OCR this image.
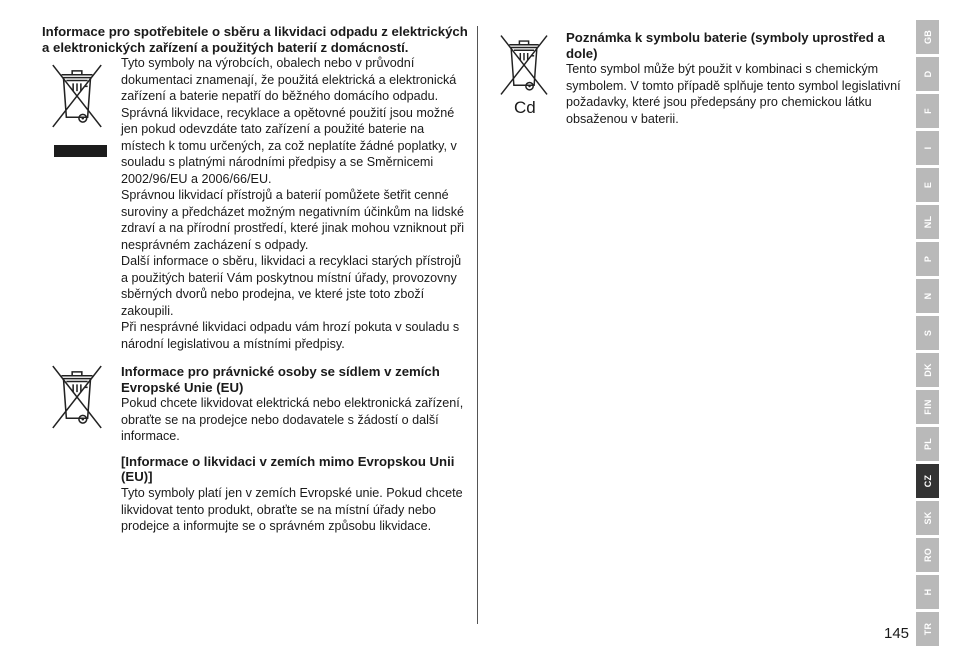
Informace pro spotřebitele o sběru a likvidaci odpadu z elektrických a elektronických zařízení a použitých baterií z domácností.

Tyto symboly na výrobcích, obalech nebo v průvodní dokumentaci znamenají, že použitá elektrická a elektronická zařízení a baterie nepatří do běžného domácího odpadu.

Správná likvidace, recyklace a opětovné použití jsou možné jen pokud odevzdáte tato zařízení a použité baterie na místech k tomu určených, za což neplatíte žádné poplatky, v souladu s platnými národními předpisy a se Směrnicemi 2002/96/EU a 2006/66/EU.

Správnou likvidací přístrojů a baterií pomůžete šetřit cenné suroviny a předcházet možným negativním účinkům na lidské zdraví a na přírodní prostředí, které jinak mohou vzniknout při nesprávném zacházení s odpady.

Další informace o sběru, likvidaci a recyklaci starých přístrojů a použitých baterií Vám poskytnou místní úřady, provozovny sběrných dvorů nebo prodejna, ve které jste toto zboží zakoupili.

Při nesprávné likvidaci odpadu vám hrozí pokuta v souladu s národní legislativou a místními předpisy.

Informace pro právnické osoby se sídlem v zemích Evropské Unie (EU)

Pokud chcete likvidovat elektrická nebo elektronická zařízení, obraťte se na prodejce nebo dodavatele s žádostí o další informace.

[Informace o likvidaci v zemích mimo Evropskou Unii (EU)]

Tyto symboly platí jen v zemích Evropské unie. Pokud chcete likvidovat tento produkt, obraťte se na místní úřady nebo prodejce a informujte se o správném způsobu likvidace.

Cd

Poznámka k symbolu baterie (symboly uprostřed a dole)

Tento symbol může být použit v kombinaci s chemickým symbolem. V tomto případě splňuje tento symbol legislativní požadavky, které jsou předepsány pro chemickou látku obsaženou v baterii.

GB
D
F
I
E
NL
P
N
S
DK
FIN
PL
CZ
SK
RO
H
TR
145
